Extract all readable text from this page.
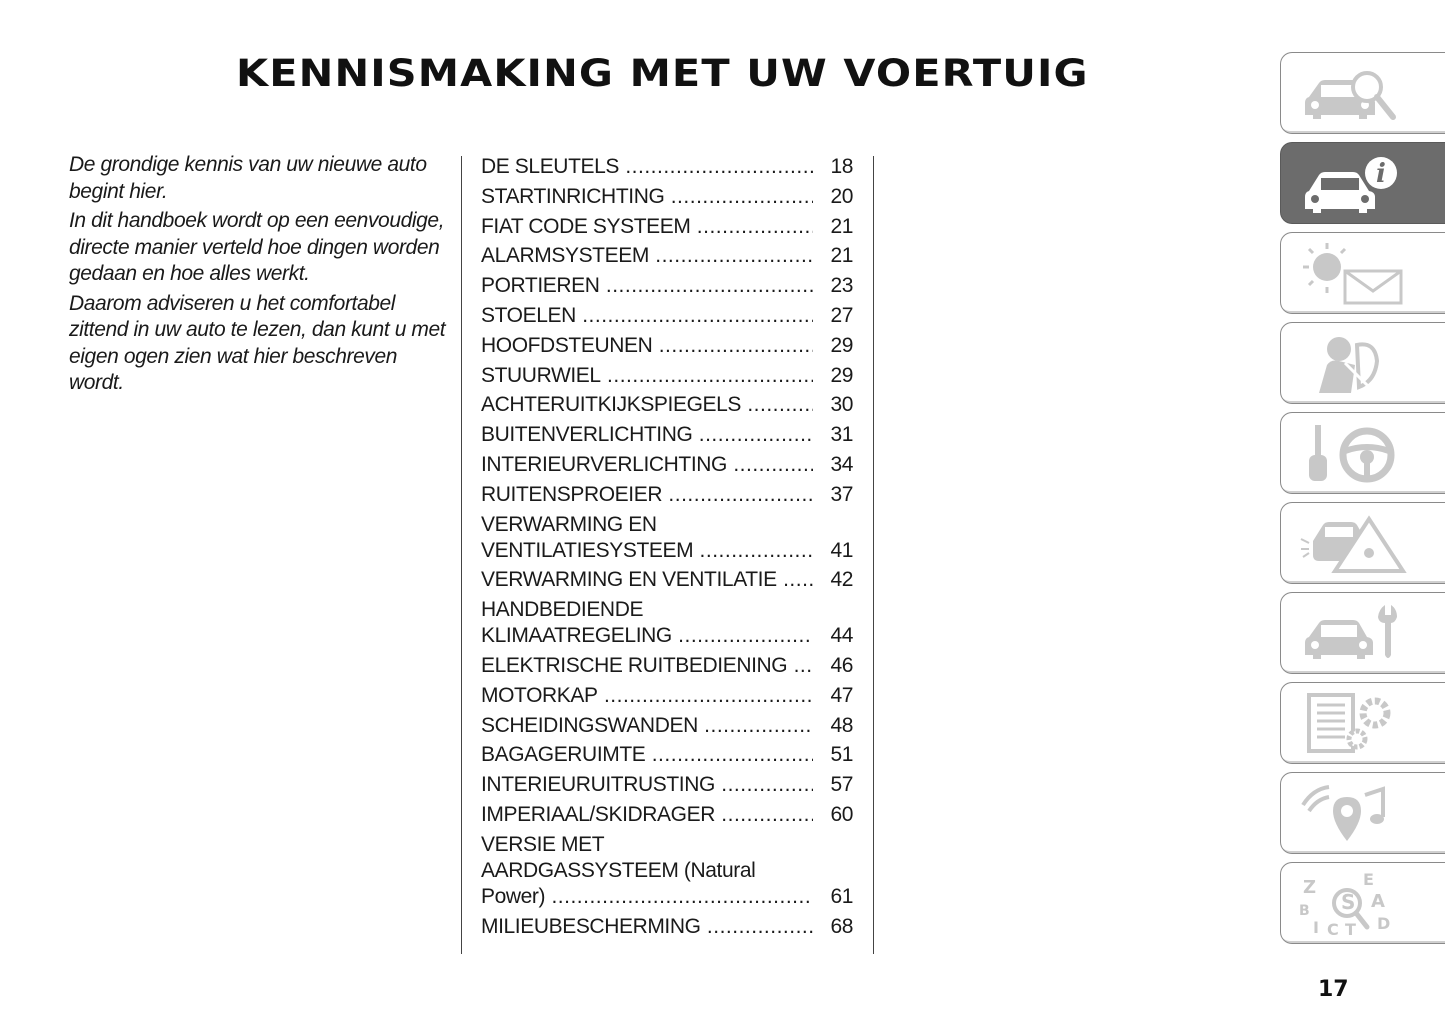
KENNISMAKING MET UW VOERTUIG

De grondige kennis van uw nieuwe auto begint hier.

In dit handboek wordt op een eenvoudige, directe manier verteld hoe dingen worden gedaan en hoe alles werkt.

Daarom adviseren u het comfortabel zittend in uw auto te lezen, dan kunt u met eigen ogen zien wat hier beschreven wordt.

DE SLEUTELS .....	18
STARTINRICHTING .....	20
FIAT CODE SYSTEEM .....	21
ALARMSYSTEEM .....	21
PORTIEREN .....	23
STOELEN .....	27
HOOFDSTEUNEN .....	29
STUURWIEL .....	29
ACHTERUITKIJKSPIEGELS .....	30
BUITENVERLICHTING .....	31
INTERIEURVERLICHTING .....	34
RUITENSPROEIER .....	37
VERWARMING EN
VENTILATIESYSTEEM .....	41
VERWARMING EN VENTILATIE .....	42
HANDBEDIENDE
KLIMAATREGELING .....	44
ELEKTRISCHE RUITBEDIENING .....	46
MOTORKAP .....	47
SCHEIDINGSWANDEN .....	48
BAGAGERUIMTE .....	51
INTERIEURUITRUSTING .....	57
IMPERIAAL/SKIDRAGER .....	60
VERSIE MET
AARDGASSYSTEEM (Natural
Power) .....	61
MILIEUBESCHERMING .....	68
i
Z	E
A
B
D
C T
I
S
17
